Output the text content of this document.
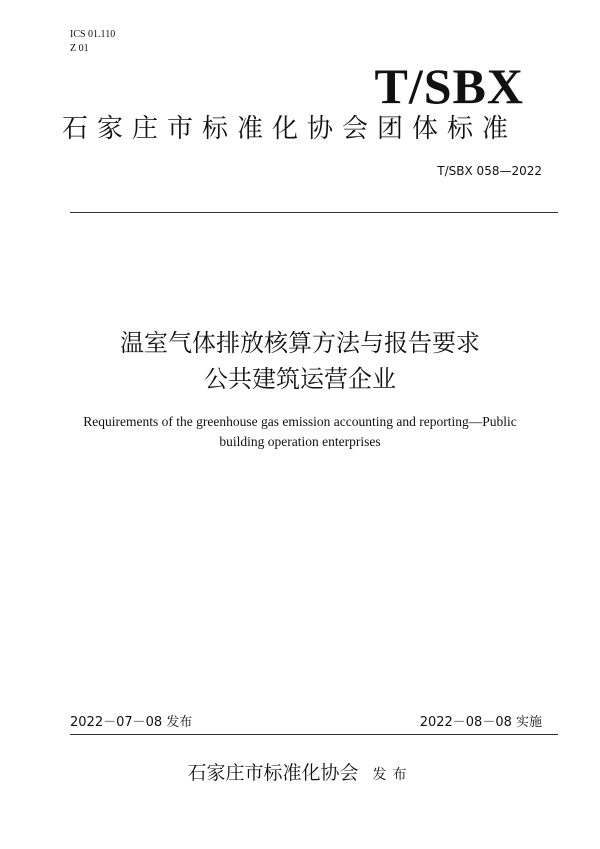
ICS 01.110
Z 01
T/SBX
石家庄市标准化协会团体标准
T/SBX 058—2022
温室气体排放核算方法与报告要求
公共建筑运营企业
Requirements of the greenhouse gas emission accounting and reporting—Public
building operation enterprises
2022－07－08 发布	2022－08－08 实施
石家庄市标准化协会 发布
